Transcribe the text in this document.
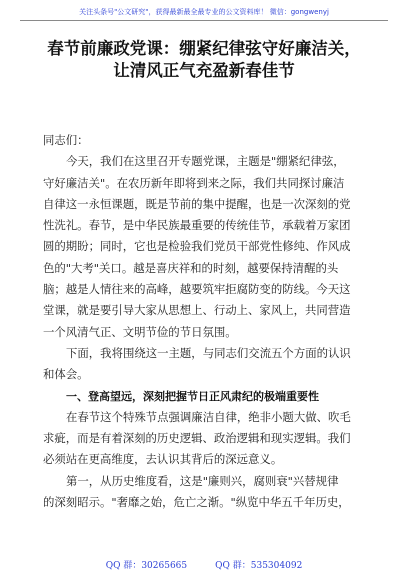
关注头条号"公文研究"，获得最新最全最专业的公文资料库！ 微信：gongwenyj
春节前廉政党课：绷紧纪律弦守好廉洁关，
让清风正气充盈新春佳节
同志们：
今天，我们在这里召开专题党课，主题是"绷紧纪律弦，
守好廉洁关"。在农历新年即将到来之际，我们共同探讨廉洁
自律这一永恒课题，既是节前的集中提醒，也是一次深刻的党
性洗礼。春节，是中华民族最重要的传统佳节，承载着万家团
圆的期盼；同时，它也是检验我们党员干部党性修纯、作风成
色的"大考"关口。越是喜庆祥和的时刻，越要保持清醒的头
脑；越是人情往来的高峰，越要筑牢拒腐防变的防线。今天这
堂课，就是要引导大家从思想上、行动上、家风上，共同营造
一个风清气正、文明节俭的节日氛围。
下面，我将围绕这一主题，与同志们交流五个方面的认识
和体会。
一、登高望远，深刻把握节日正风肃纪的极端重要性
在春节这个特殊节点强调廉洁自律，绝非小题大做、吹毛
求疵，而是有着深刻的历史逻辑、政治逻辑和现实逻辑。我们
必须站在更高维度，去认识其背后的深远意义。
第一，从历史维度看，这是"廉则兴，腐则衰"兴替规律
的深刻昭示。"奢靡之始，危亡之渐。"纵览中华五千年历史，
QQ 群：30265665	QQ 群：535304092
